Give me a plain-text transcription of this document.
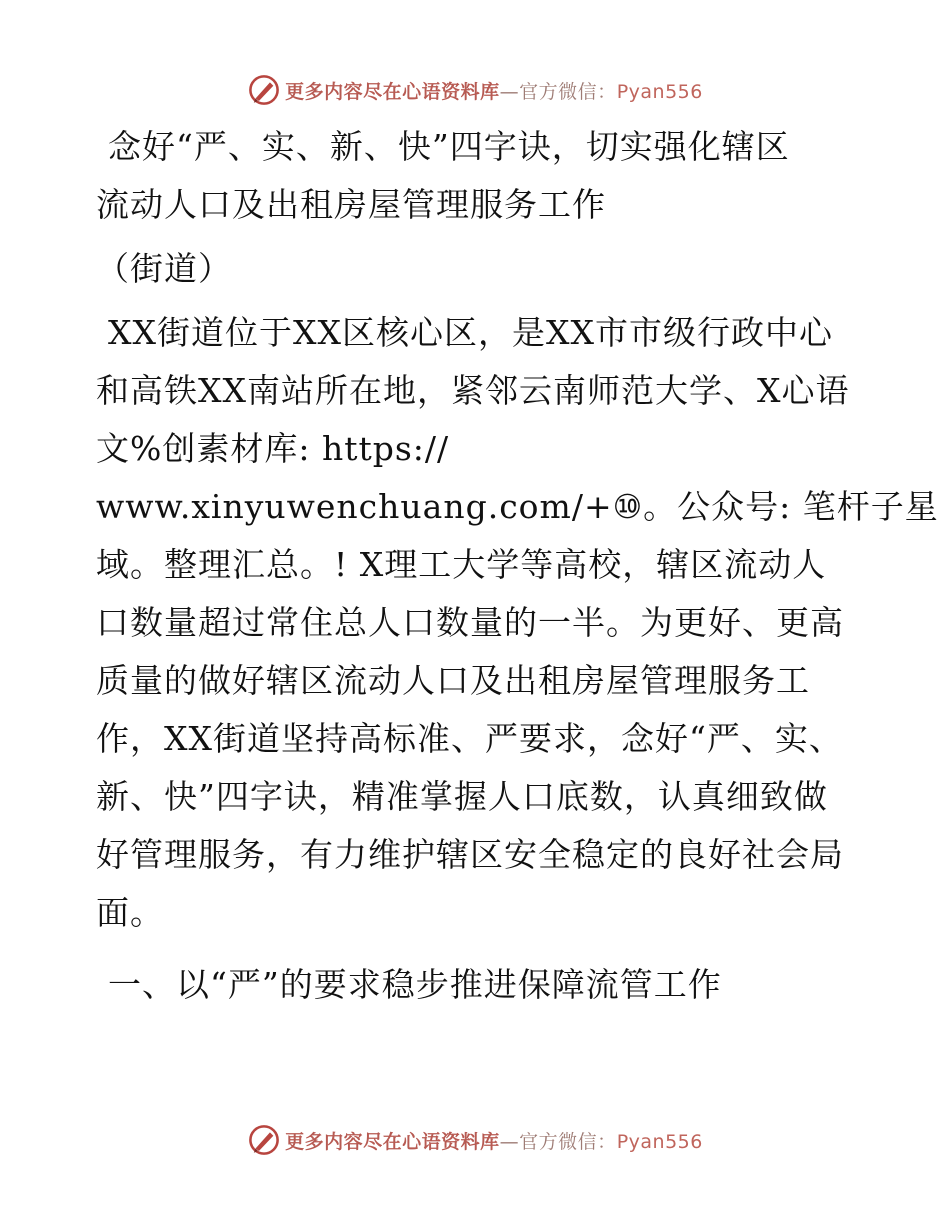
更多内容尽在心语资料库—官方微信：Pyan556
念好“严、实、新、快”四字诀，切实强化辖区
流动人口及出租房屋管理服务工作
（街道）
XX街道位于XX区核心区，是XX市市级行政中心
和高铁XX南站所在地，紧邻云南师范大学、X心语
文%创素材库: https://
www.xinyuwenchuang.com/+⑩。公众号: 笔杆子星
域。整理汇总。! X理工大学等高校，辖区流动人
口数量超过常住总人口数量的一半。为更好、更高
质量的做好辖区流动人口及出租房屋管理服务工
作，XX街道坚持高标准、严要求，念好“严、实、
新、快”四字诀，精准掌握人口底数，认真细致做
好管理服务，有力维护辖区安全稳定的良好社会局
面。
一、以“严”的要求稳步推进保障流管工作
更多内容尽在心语资料库—官方微信：Pyan556
